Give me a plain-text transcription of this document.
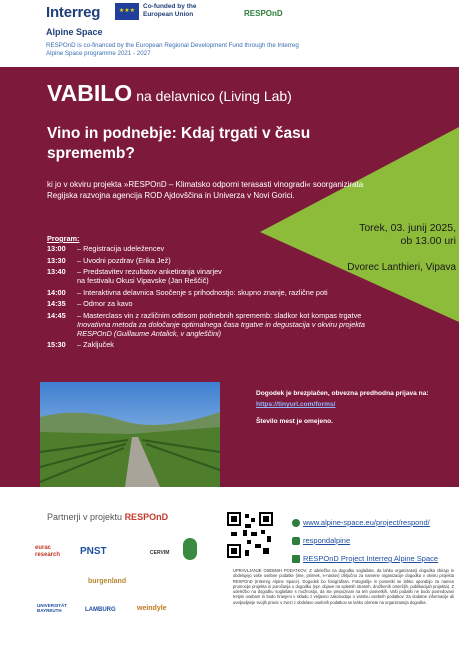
Interreg	★★★
Co-funded by the European Union	RESPOnD
Alpine Space
RESPOnD is co-financed by the European Regional Development Fund through the Interreg Alpine Space programme 2021 - 2027
VABILO na delavnico (Living Lab)
Vino in podnebje: Kdaj trgati v času sprememb?
ki jo v okviru projekta »RESPOnD – Klimatsko odporni terasasti vinogradi« soorganizirata Regijska razvojna agencija ROD Ajdovščina in Univerza v Novi Gorici.
Torek, 03. junij 2025,
ob 13.00 uri
Dvorec Lanthieri, Vipava
Program:
13:00 – Registracija udeležencev
13:30 – Uvodni pozdrav (Erika Jež)
13:40 – Predstavitev rezultatov anketiranja vinarjev
na festivalu Okusi Vipavske (Jan Reščič)
14:00 – Interaktivna delavnica Soočenje s prihodnostjo: skupno znanje, različne poti
14:35 – Odmor za kavo
14:45 – Masterclass vin z različnim odtisom podnebnih sprememb: sladkor kot kompas trgatve
Inovativna metoda za določanje optimalnega časa trgatve in degustacija v okviru projekta RESPOnD (Guillaume Antalick, v angleščini)
15:30 – Zaključek
Dogodek je brezplačen, obvezna predhodna prijava na:
https://tinyurl.com/forms/
Število mest je omejeno.
Partnerji v projektu RESPOnD
eurac research	PNST	CERVIM
burgenland
UNIVERSITÄT BAYREUTH	LAMBURG	weindyle
www.alpine-space.eu/project/respond/
respondalpine
RESPOnD Project Interreg Alpine Space
UPRAVLJANJE OSEBNIH PODATKOV: Z udeležbo na dogodku soglašate, da lahko organizatorji dogodka zbirajo in obdelujejo vaše osebne podatke (ime, priimek, e-naslov) izključno za namene organizacije dogodka v okviru projekta RESPOnD (Interreg Alpine Space). Dogodek bo fotografiran. Fotografije in posnetki se lahko uporabijo za namen promocije projekta in poročanja o dogodku (npr. objave na spletnih straneh, družbenih omrežjih, publikacijah projekta). Z udeležbo na dogodku soglašate s možnostjo, da ste prepoznani na teh posnetkih. Vaši podatki ne bodo posredovani tretjim osebam in bodo hranjeni v skladu z veljavno zakonodajo o varstvu osebnih podatkov. Za dodatne informacije ali uveljavljanje svojih pravic v zvezi z obdelavo osebnih podatkov se lahko obrnete na organizatorja dogodka.
